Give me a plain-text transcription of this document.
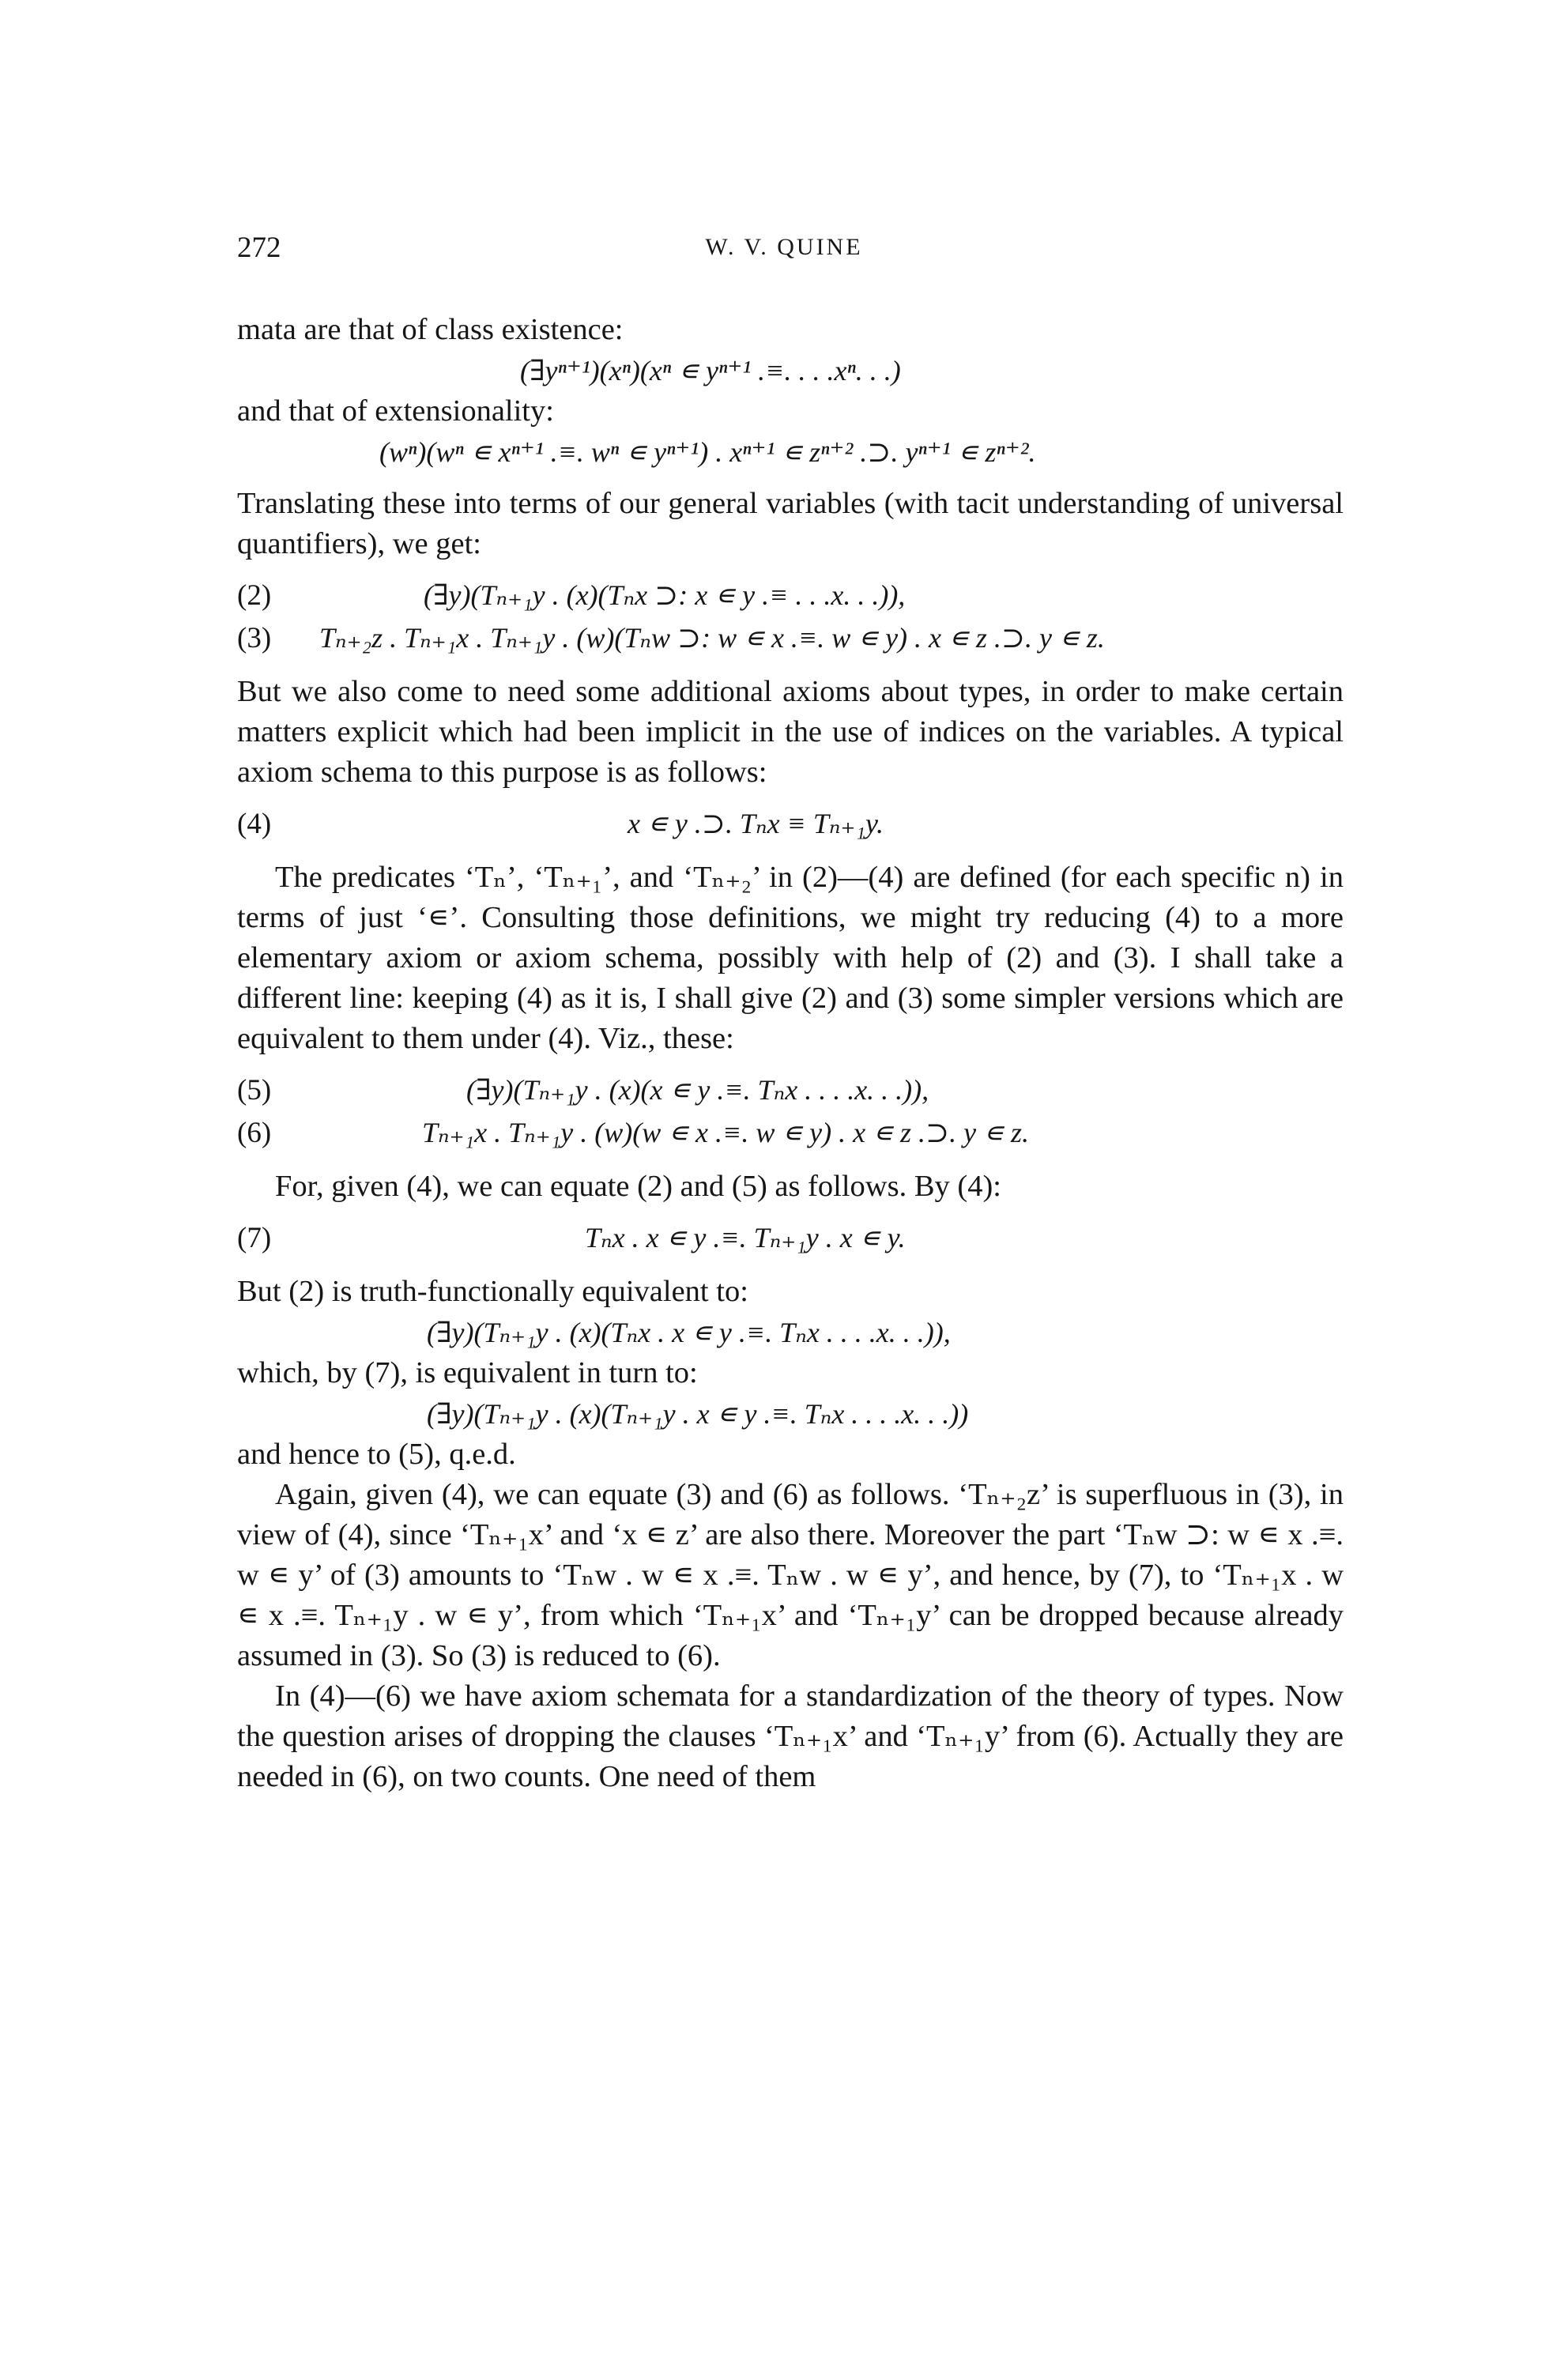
272	W. V. QUINE

mata are that of class existence:

(∃yⁿ⁺¹)(xⁿ)(xⁿ ∊ yⁿ⁺¹ .≡. . . .xⁿ. . .)

and that of extensionality:

(wⁿ)(wⁿ ∊ xⁿ⁺¹ .≡. wⁿ ∊ yⁿ⁺¹) . xⁿ⁺¹ ∊ zⁿ⁺² .⊃. yⁿ⁺¹ ∊ zⁿ⁺².

Translating these into terms of our general variables (with tacit understanding of universal quantifiers), we get:

(2)	(∃y)(Tₙ₊₁y . (x)(Tₙx ⊃: x ∊ y .≡ . . .x. . .)),
(3) Tₙ₊₂z . Tₙ₊₁x . Tₙ₊₁y . (w)(Tₙw ⊃: w ∊ x .≡. w ∊ y) . x ∊ z .⊃. y ∊ z.

But we also come to need some additional axioms about types, in order to make certain matters explicit which had been implicit in the use of indices on the variables. A typical axiom schema to this purpose is as follows:

(4)	x ∊ y .⊃. Tₙx ≡ Tₙ₊₁y.

The predicates ‘Tₙ’, ‘Tₙ₊₁’, and ‘Tₙ₊₂’ in (2)—(4) are defined (for each specific n) in terms of just ‘∊’. Consulting those definitions, we might try reducing (4) to a more elementary axiom or axiom schema, possibly with help of (2) and (3). I shall take a different line: keeping (4) as it is, I shall give (2) and (3) some simpler versions which are equivalent to them under (4). Viz., these:

(5)	(∃y)(Tₙ₊₁y . (x)(x ∊ y .≡. Tₙx . . . .x. . .)),
(6)	Tₙ₊₁x . Tₙ₊₁y . (w)(w ∊ x .≡. w ∊ y) . x ∊ z .⊃. y ∊ z.

For, given (4), we can equate (2) and (5) as follows. By (4):

(7)	Tₙx . x ∊ y .≡. Tₙ₊₁y . x ∊ y.

But (2) is truth-functionally equivalent to:

(∃y)(Tₙ₊₁y . (x)(Tₙx . x ∊ y .≡. Tₙx . . . .x. . .)),

which, by (7), is equivalent in turn to:

(∃y)(Tₙ₊₁y . (x)(Tₙ₊₁y . x ∊ y .≡. Tₙx . . . .x. . .))

and hence to (5), q.e.d.

Again, given (4), we can equate (3) and (6) as follows. ‘Tₙ₊₂z’ is superfluous in (3), in view of (4), since ‘Tₙ₊₁x’ and ‘x ∊ z’ are also there. Moreover the part ‘Tₙw ⊃: w ∊ x .≡. w ∊ y’ of (3) amounts to ‘Tₙw . w ∊ x .≡. Tₙw . w ∊ y’, and hence, by (7), to ‘Tₙ₊₁x . w ∊ x .≡. Tₙ₊₁y . w ∊ y’, from which ‘Tₙ₊₁x’ and ‘Tₙ₊₁y’ can be dropped because already assumed in (3). So (3) is reduced to (6).

In (4)—(6) we have axiom schemata for a standardization of the theory of types. Now the question arises of dropping the clauses ‘Tₙ₊₁x’ and ‘Tₙ₊₁y’ from (6). Actually they are needed in (6), on two counts. One need of them
